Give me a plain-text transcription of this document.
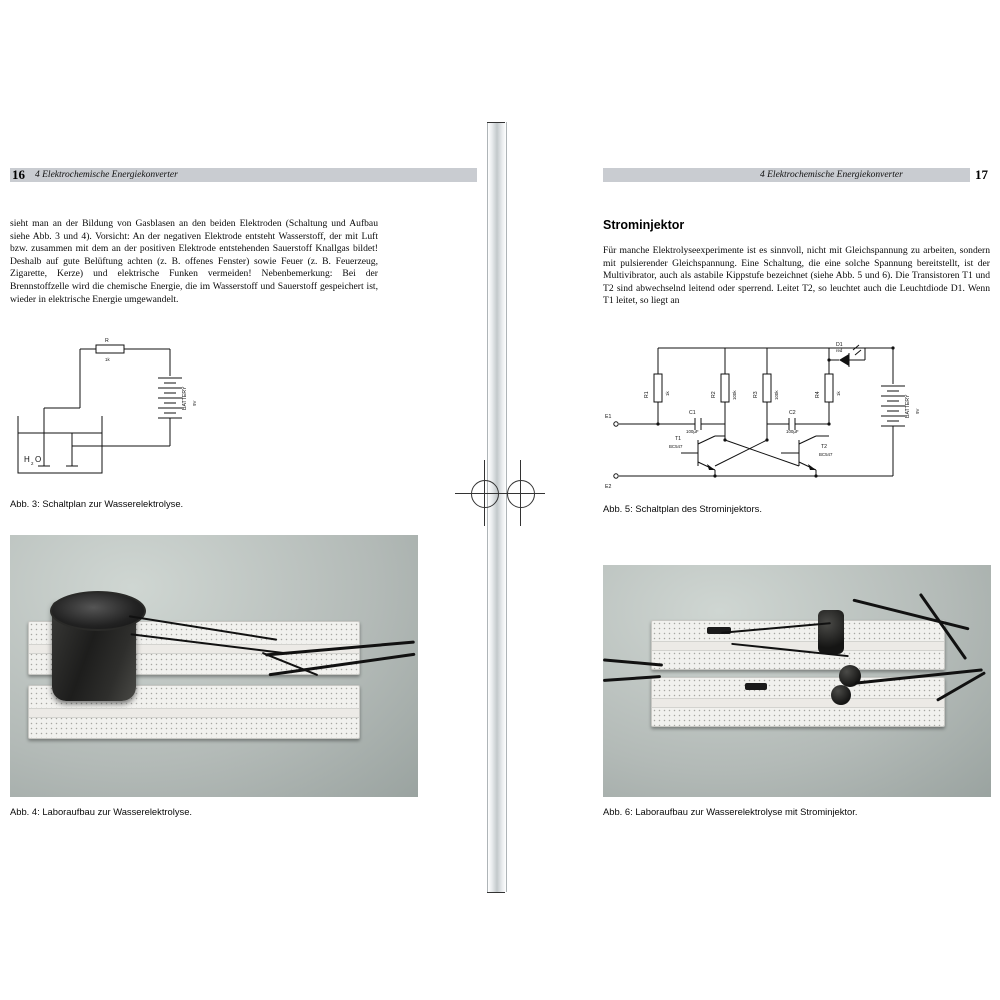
16 4 Elektrochemische Energiekonverter
sieht man an der Bildung von Gasblasen an den beiden Elektroden (Schaltung und Aufbau siehe Abb. 3 und 4). Vorsicht: An der negativen Elektrode entsteht Wasserstoff, der mit Luft bzw. zusammen mit dem an der positiven Elektrode entstehenden Sauerstoff Knallgas bildet! Deshalb auf gute Belüftung achten (z. B. offenes Fenster) sowie Feuer (z. B. Feuerzeug, Zigarette, Kerze) und elektrische Funken vermeiden! Nebenbemerkung: Bei der Brennstoffzelle wird die chemische Energie, die im Wasserstoff und Sauerstoff gespeichert ist, wieder in elektrische Energie umgewandelt.
R
1k
BATTERY 9V
H 2 O
Abb. 3: Schaltplan zur Wasserelektrolyse.
Abb. 4: Laboraufbau zur Wasserelektrolyse.
4 Elektrochemische Energiekonverter	17
Strominjektor
Für manche Elektrolyseexperimente ist es sinnvoll, nicht mit Gleichspannung zu arbeiten, sondern mit pulsierender Gleichspannung. Eine Schaltung, die eine solche Spannung bereitstellt, ist der Multivibrator, auch als astabile Kippstufe bezeichnet (siehe Abb. 5 und 6). Die Transistoren T1 und T2 sind abwechselnd leitend oder sperrend. Leitet T2, so leuchtet auch die Leuchtdiode D1. Wenn T1 leitet, so liegt an
R1	1k	R2	100k	R3	100k	R4	1k
D1
red
BATTERY 9V
C1
100µF
C2
100µF
T1
BC547	T2
BC547
E1
E2
Abb. 5: Schaltplan des Strominjektors.
Abb. 6: Laboraufbau zur Wasserelektrolyse mit Strominjektor.
